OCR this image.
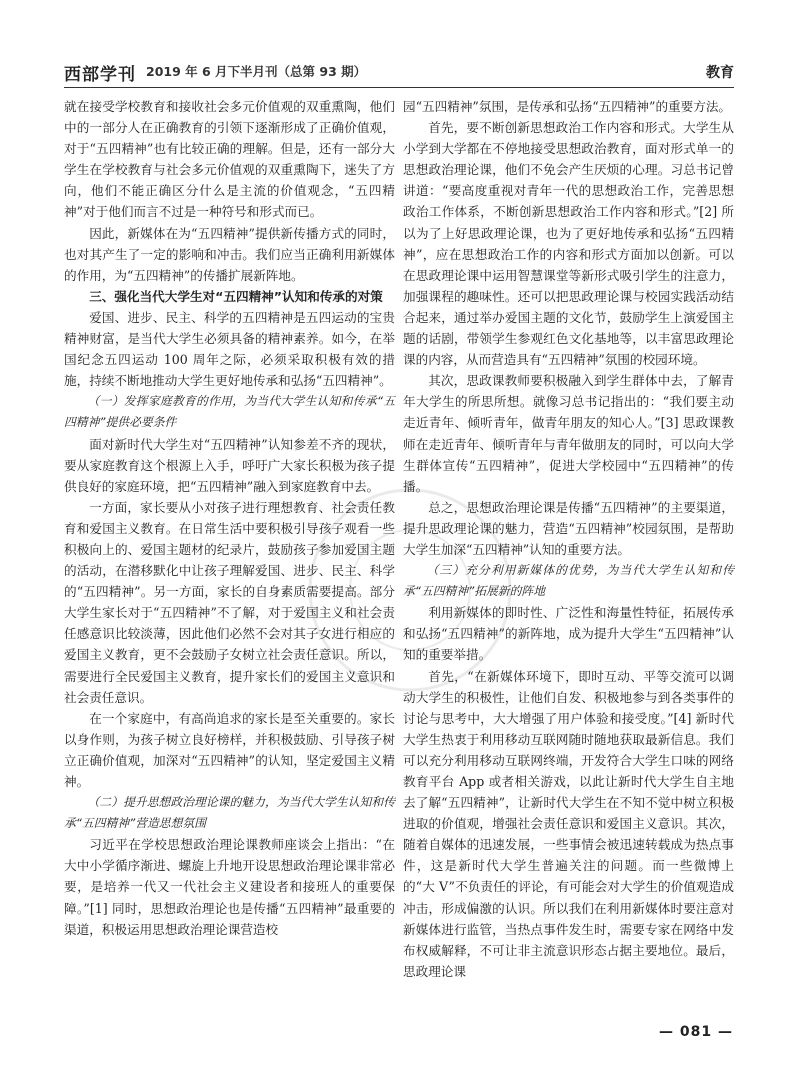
西部学刊 2019 年 6 月下半月刊（总第 93 期）	教育

就在接受学校教育和接收社会多元价值观的双重熏陶，他们中的一部分人在正确教育的引领下逐渐形成了正确价值观，对于“五四精神”也有比较正确的理解。但是，还有一部分大学生在学校教育与社会多元价值观的双重熏陶下，迷失了方向，他们不能正确区分什么是主流的价值观念，“五四精神”对于他们而言不过是一种符号和形式而已。

因此，新媒体在为“五四精神”提供新传播方式的同时，也对其产生了一定的影响和冲击。我们应当正确利用新媒体的作用，为“五四精神”的传播扩展新阵地。

三、强化当代大学生对“五四精神”认知和传承的对策

爱国、进步、民主、科学的五四精神是五四运动的宝贵精神财富，是当代大学生必须具备的精神素养。如今，在举国纪念五四运动 100 周年之际，必须采取积极有效的措施，持续不断地推动大学生更好地传承和弘扬“五四精神”。

（一）发挥家庭教育的作用，为当代大学生认知和传承“五四精神”提供必要条件

面对新时代大学生对“五四精神”认知参差不齐的现状，要从家庭教育这个根源上入手，呼吁广大家长积极为孩子提供良好的家庭环境，把“五四精神”融入到家庭教育中去。

一方面，家长要从小对孩子进行理想教育、社会责任教育和爱国主义教育。在日常生活中要积极引导孩子观看一些积极向上的、爱国主题材的纪录片，鼓励孩子参加爱国主题的活动，在潜移默化中让孩子理解爱国、进步、民主、科学的“五四精神”。另一方面，家长的自身素质需要提高。部分大学生家长对于“五四精神”不了解，对于爱国主义和社会责任感意识比较淡薄，因此他们必然不会对其子女进行相应的爱国主义教育，更不会鼓励子女树立社会责任意识。所以，需要进行全民爱国主义教育，提升家长们的爱国主义意识和社会责任意识。

在一个家庭中，有高尚追求的家长是至关重要的。家长以身作则，为孩子树立良好榜样，并积极鼓励、引导孩子树立正确价值观，加深对“五四精神”的认知，坚定爱国主义精神。

（二）提升思想政治理论课的魅力，为当代大学生认知和传承“五四精神”营造思想氛围

习近平在学校思想政治理论课教师座谈会上指出：“在大中小学循序渐进、螺旋上升地开设思想政治理论课非常必要，是培养一代又一代社会主义建设者和接班人的重要保障。”[1] 同时，思想政治理论也是传播“五四精神”最重要的渠道，积极运用思想政治理论课营造校

园“五四精神”氛围，是传承和弘扬“五四精神”的重要方法。

首先，要不断创新思想政治工作内容和形式。大学生从小学到大学都在不停地接受思想政治教育，面对形式单一的思想政治理论课，他们不免会产生厌烦的心理。习总书记曾讲道：“要高度重视对青年一代的思想政治工作，完善思想政治工作体系，不断创新思想政治工作内容和形式。”[2] 所以为了上好思政理论课，也为了更好地传承和弘扬“五四精神”，应在思想政治工作的内容和形式方面加以创新。可以在思政理论课中运用智慧课堂等新形式吸引学生的注意力，加强课程的趣味性。还可以把思政理论课与校园实践活动结合起来，通过举办爱国主题的文化节，鼓励学生上演爱国主题的话剧，带领学生参观红色文化基地等，以丰富思政理论课的内容，从而营造具有“五四精神”氛围的校园环境。

其次，思政课教师要积极融入到学生群体中去，了解青年大学生的所思所想。就像习总书记指出的：“我们要主动走近青年、倾听青年，做青年朋友的知心人。”[3] 思政课教师在走近青年、倾听青年与青年做朋友的同时，可以向大学生群体宣传“五四精神”，促进大学校园中“五四精神”的传播。

总之，思想政治理论课是传播“五四精神”的主要渠道，提升思政理论课的魅力，营造“五四精神”校园氛围，是帮助大学生加深“五四精神”认知的重要方法。

（三）充分利用新媒体的优势，为当代大学生认知和传承“五四精神”拓展新的阵地

利用新媒体的即时性、广泛性和海量性特征，拓展传承和弘扬“五四精神”的新阵地，成为提升大学生“五四精神”认知的重要举措。

首先，“在新媒体环境下，即时互动、平等交流可以调动大学生的积极性，让他们自发、积极地参与到各类事件的讨论与思考中，大大增强了用户体验和接受度。”[4] 新时代大学生热衷于利用移动互联网随时随地获取最新信息。我们可以充分利用移动互联网终端，开发符合大学生口味的网络教育平台 App 或者相关游戏，以此让新时代大学生自主地去了解“五四精神”，让新时代大学生在不知不觉中树立积极进取的价值观，增强社会责任意识和爱国主义意识。其次，随着自媒体的迅速发展，一些事情会被迅速转载成为热点事件，这是新时代大学生普遍关注的问题。而一些微博上的“大 V”不负责任的评论，有可能会对大学生的价值观造成冲击，形成偏激的认识。所以我们在利用新媒体时要注意对新媒体进行监管，当热点事件发生时，需要专家在网络中发布权威解释，不可让非主流意识形态占据主要地位。最后，思政理论课

— 081 —
